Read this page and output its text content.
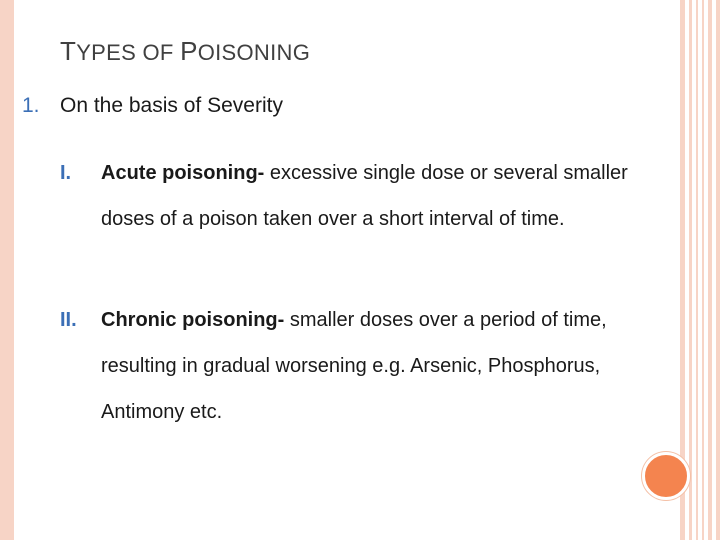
TYPES OF POISONING
1. On the basis of Severity
I. Acute poisoning- excessive single dose or several smaller doses of a poison taken over a short interval of time.
II. Chronic poisoning- smaller doses over a period of time, resulting in gradual worsening e.g. Arsenic, Phosphorus, Antimony etc.
